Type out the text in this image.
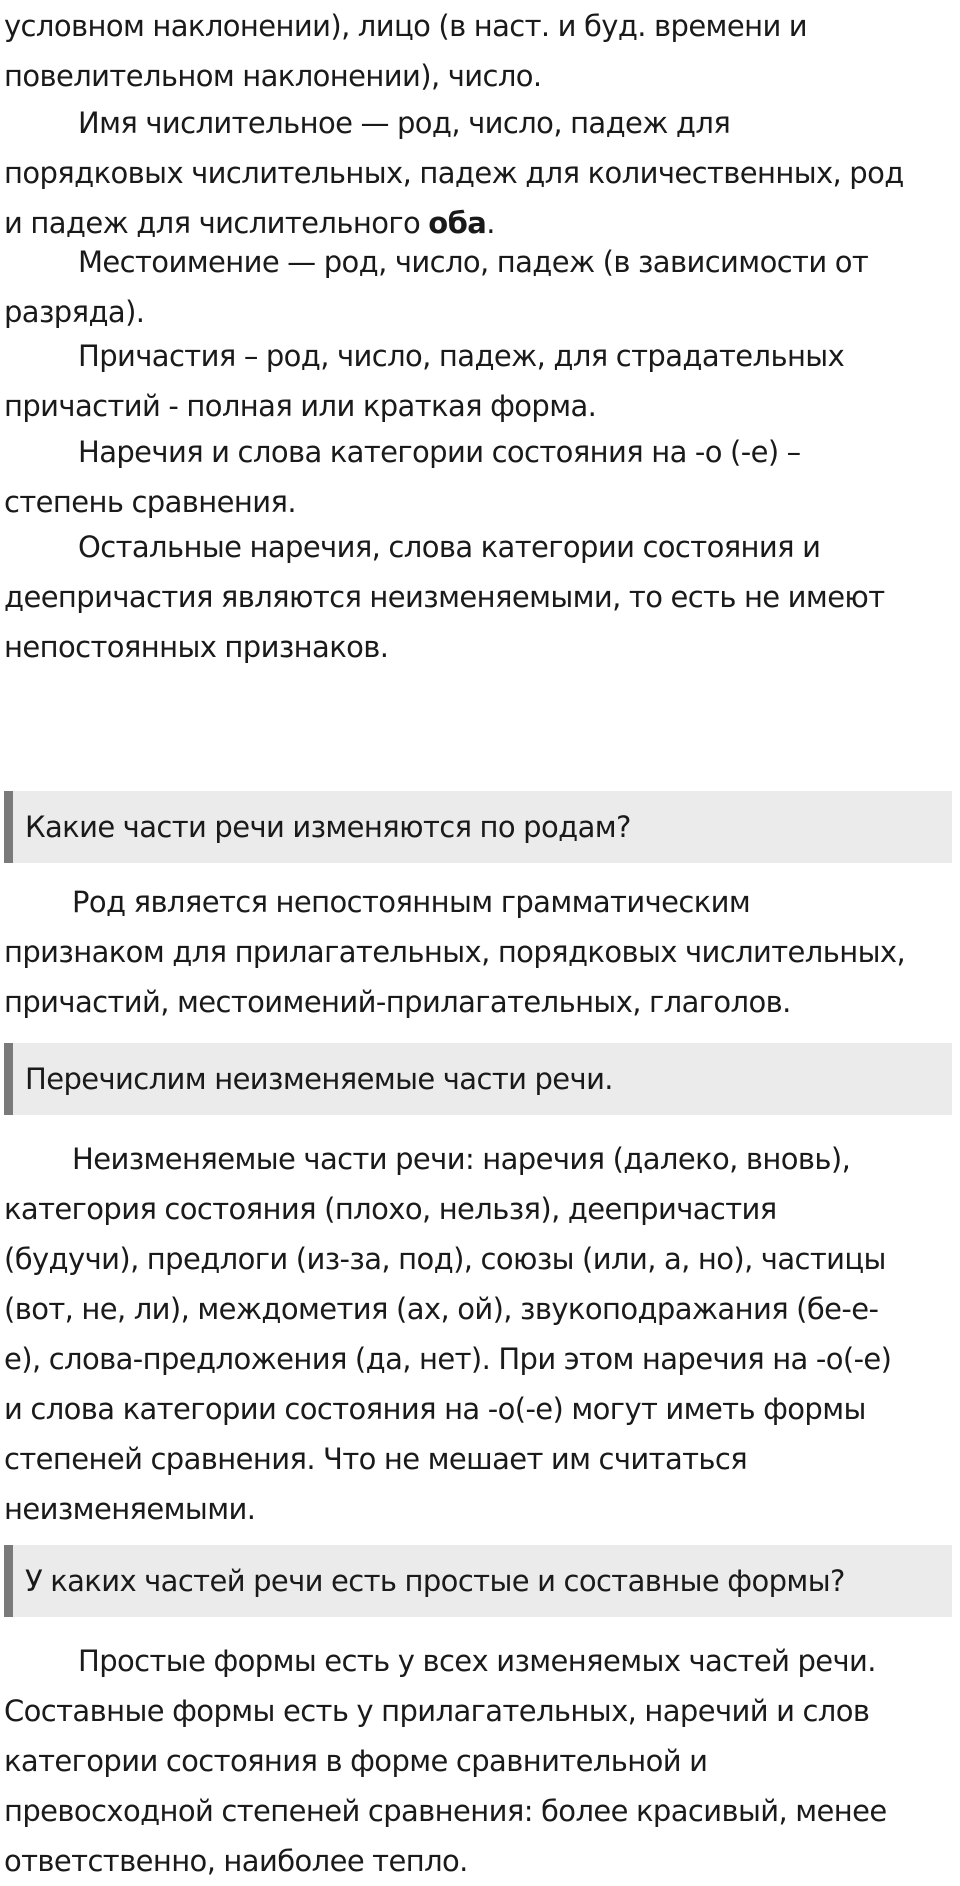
условном наклонении), лицо (в наст. и буд. времени и
повелительном наклонении), число.
Имя числительное — род, число, падеж для
порядковых числительных, падеж для количественных, род
и падеж для числительного оба.
Местоимение — род, число, падеж (в зависимости от
разряда).
Причастия – род, число, падеж, для страдательных
причастий - полная или краткая форма.
Наречия и слова категории состояния на -о (-е) –
степень сравнения.
Остальные наречия, слова категории состояния и
деепричастия являются неизменяемыми, то есть не имеют
непостоянных признаков.
Какие части речи изменяются по родам?
Род является непостоянным грамматическим
признаком для прилагательных, порядковых числительных,
причастий, местоимений-прилагательных, глаголов.
Перечислим неизменяемые части речи.
Неизменяемые части речи: наречия (далеко, вновь),
категория состояния (плохо, нельзя), деепричастия
(будучи), предлоги (из-за, под), союзы (или, а, но), частицы
(вот, не, ли), междометия (ах, ой), звукоподражания (бе-е-
е), слова-предложения (да, нет). При этом наречия на -о(-е)
и слова категории состояния на -о(-е) могут иметь формы
степеней сравнения. Что не мешает им считаться
неизменяемыми.
У каких частей речи есть простые и составные формы?
Простые формы есть у всех изменяемых частей речи.
Составные формы есть у прилагательных, наречий и слов
категории состояния в форме сравнительной и
превосходной степеней сравнения: более красивый, менее
ответственно, наиболее тепло.
